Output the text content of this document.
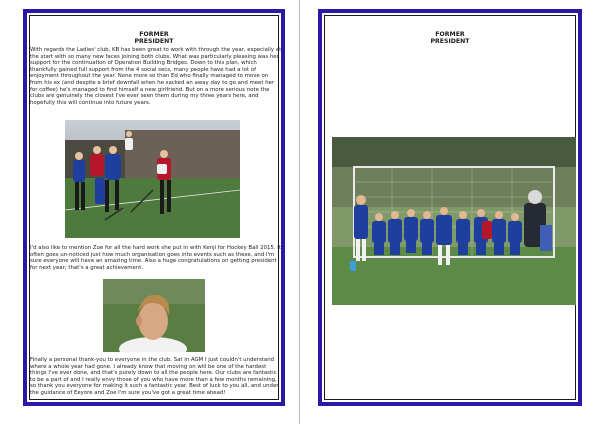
FORMER
PRESIDENT

With regards the Ladies' club, KB has been great to work with through the year, especially at the start with so many new faces joining both clubs. What was particularly pleasing was her support for the continuation of Operation Building Bridges. Down to this plan, which thankfully gained full support from the 4 social secs, many people have had a lot of enjoyment throughout the year. None more so than Ed who finally managed to move on from his ex (and despite a brief downfall when he sacked an away day to go and meet her for coffee) he's managed to find himself a new girlfriend. But on a more serious note the clubs are genuinely the closest I've ever seen them during my three years here, and hopefully this will continue into future years.

I'd also like to mention Zoe for all the hard work she put in with Kenji for Hockey Ball 2015. It often goes un-noticed just how much organisation goes into events such as these, and I'm sure everyone will have an amazing time. Also a huge congratulations on getting president for next year; that's a great achievement.

Finally a personal thank-you to everyone in the club. Sat in AGM I just couldn't understand where a whole year had gone. I already know that moving on will be one of the hardest things I've ever done, and that's purely down to all the people here. Our clubs are fantastic to be a part of and I really envy those of you who have more than a few months remaining, so thank you everyone for making it such a fantastic year. Best of luck to you all, and under the guidance of Eeyore and Zoe I'm sure you've got a great time ahead!

FORMER
PRESIDENT
